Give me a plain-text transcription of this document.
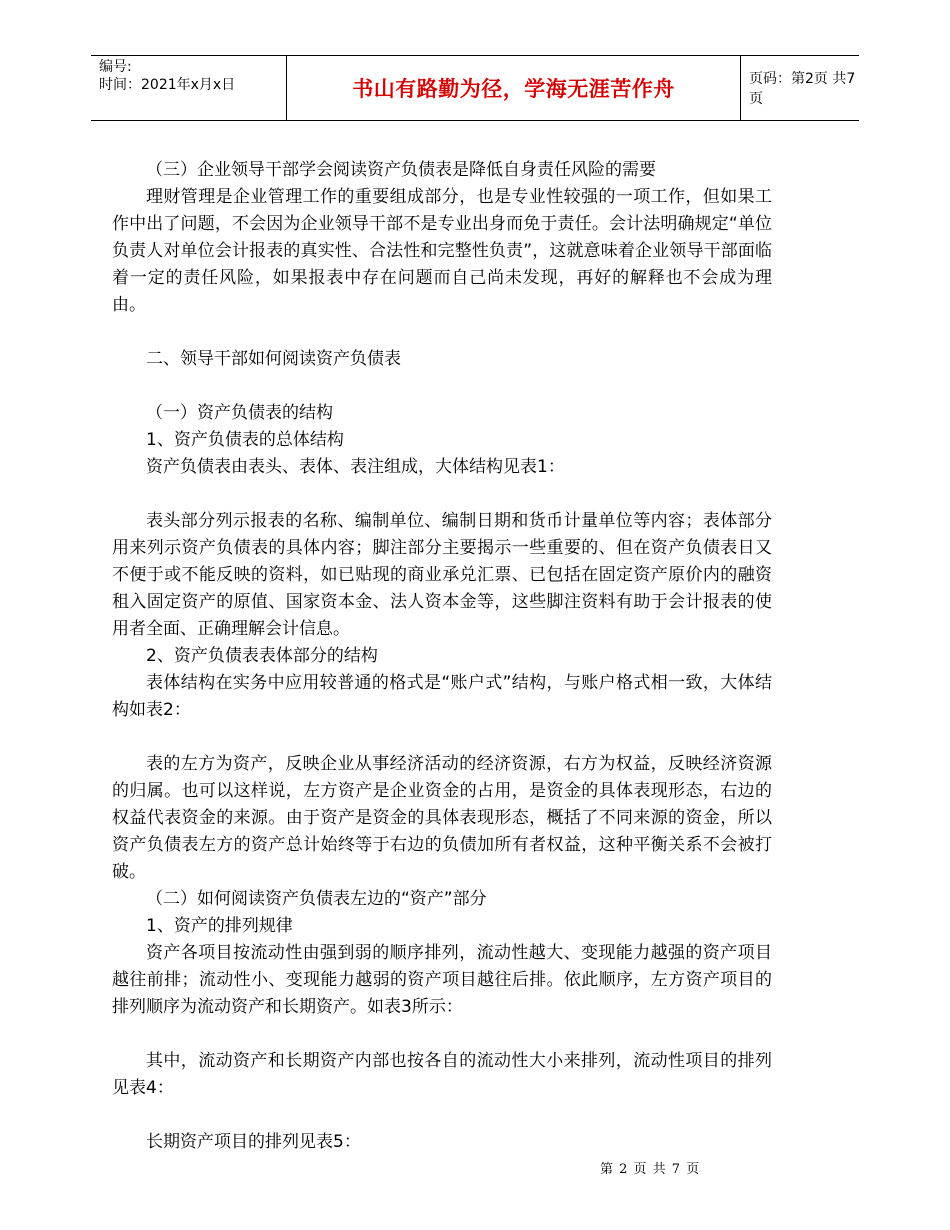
编号:
时间：2021年x月x日	书山有路勤为径，学海无涯苦作舟	页码：第2页 共7页

（三）企业领导干部学会阅读资产负债表是降低自身责任风险的需要

理财管理是企业管理工作的重要组成部分，也是专业性较强的一项工作，但如果工作中出了问题，不会因为企业领导干部不是专业出身而免于责任。会计法明确规定“单位负责人对单位会计报表的真实性、合法性和完整性负责”，这就意味着企业领导干部面临着一定的责任风险，如果报表中存在问题而自己尚未发现，再好的解释也不会成为理由。

二、领导干部如何阅读资产负债表

（一）资产负债表的结构

1、资产负债表的总体结构

资产负债表由表头、表体、表注组成，大体结构见表1：

表头部分列示报表的名称、编制单位、编制日期和货币计量单位等内容；表体部分用来列示资产负债表的具体内容；脚注部分主要揭示一些重要的、但在资产负债表日又不便于或不能反映的资料，如已贴现的商业承兑汇票、已包括在固定资产原价内的融资租入固定资产的原值、国家资本金、法人资本金等，这些脚注资料有助于会计报表的使用者全面、正确理解会计信息。

2、资产负债表表体部分的结构

表体结构在实务中应用较普通的格式是“账户式”结构，与账户格式相一致，大体结构如表2：

表的左方为资产，反映企业从事经济活动的经济资源，右方为权益，反映经济资源的归属。也可以这样说，左方资产是企业资金的占用，是资金的具体表现形态，右边的权益代表资金的来源。由于资产是资金的具体表现形态，概括了不同来源的资金，所以资产负债表左方的资产总计始终等于右边的负债加所有者权益，这种平衡关系不会被打破。

（二）如何阅读资产负债表左边的“资产”部分

1、资产的排列规律

资产各项目按流动性由强到弱的顺序排列，流动性越大、变现能力越强的资产项目越往前排；流动性小、变现能力越弱的资产项目越往后排。依此顺序，左方资产项目的排列顺序为流动资产和长期资产。如表3所示：

其中，流动资产和长期资产内部也按各自的流动性大小来排列，流动性项目的排列见表4：

长期资产项目的排列见表5：

第 2 页 共 7 页
